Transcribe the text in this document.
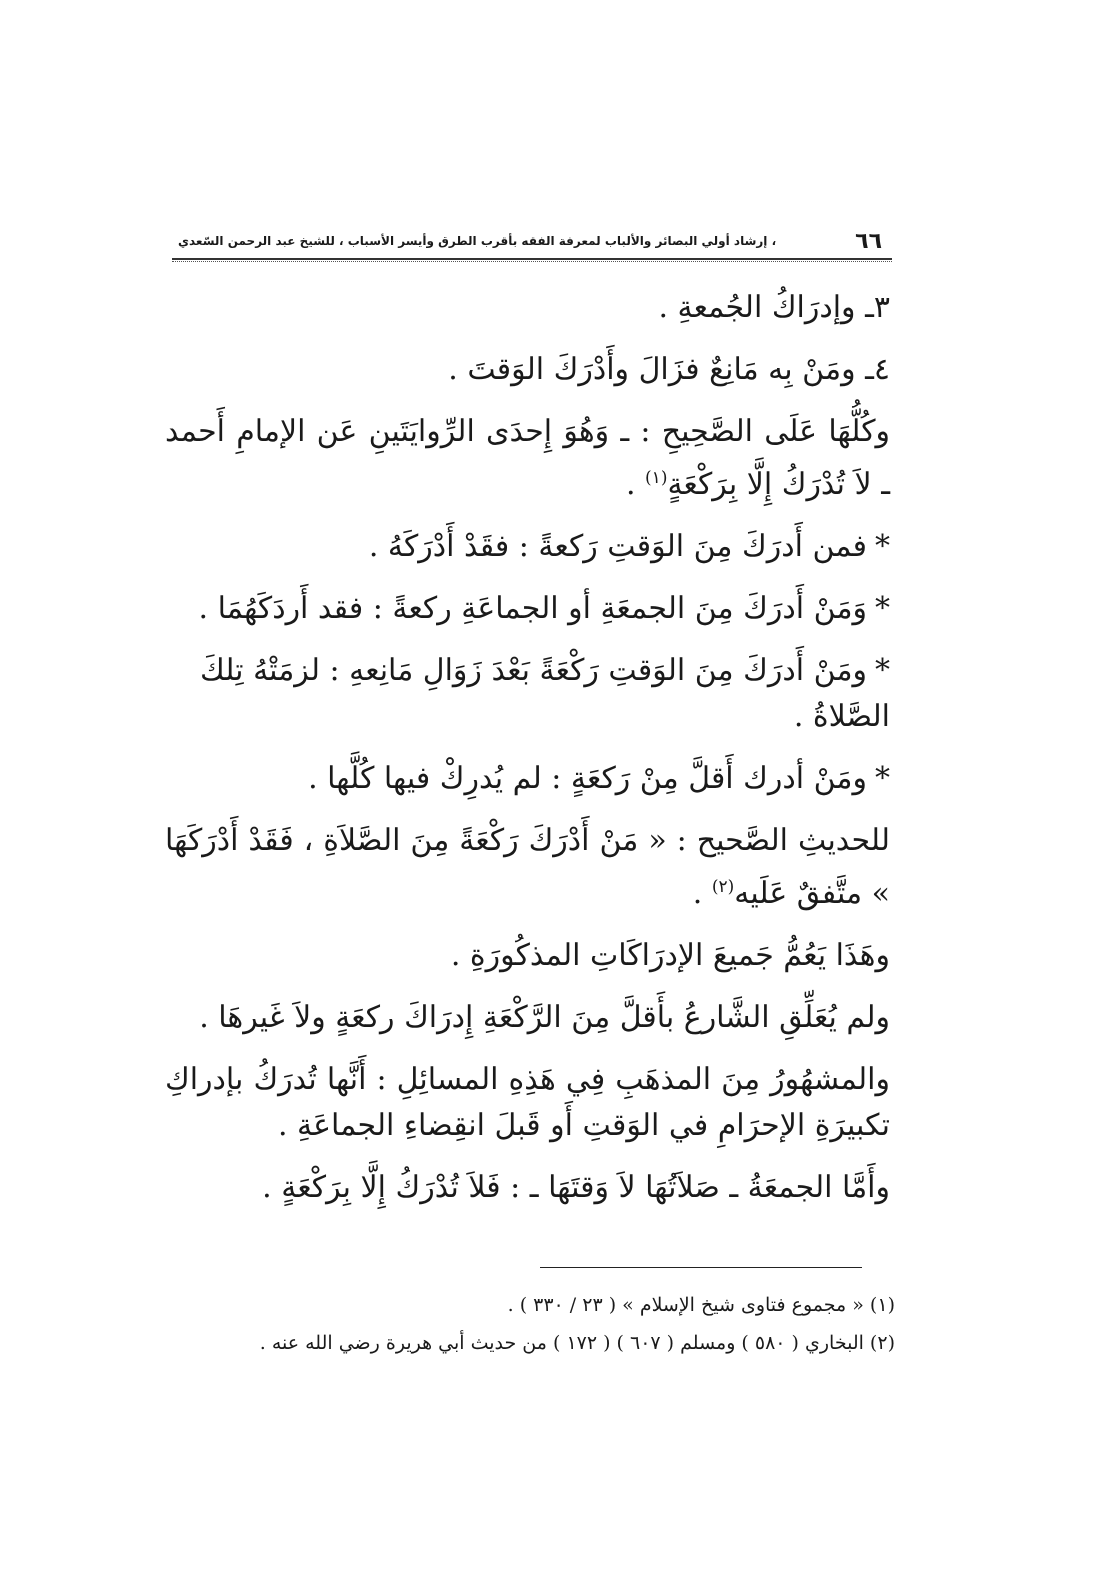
٦٦
، إرشاد أولي البصائر والألباب لمعرفة الفقه بأقرب الطرق وأيسر الأسباب ، للشيخ عبد الرحمن السّعدي

٣ـ وإدرَاكُ الجُمعةِ .

٤ـ ومَنْ بِه مَانِعٌ فزَالَ وأَدْرَكَ الوَقتَ .

وكُلُّهَا عَلَى الصَّحِيحِ : ـ وَهُوَ إِحدَى الرِّوايَتَينِ عَن الإمامِ أَحمد ـ لاَ تُدْرَكُ إِلَّا بِرَكْعَةٍ$^{(١)}$ .

*فمن أَدرَكَ مِنَ الوَقتِ رَكعةً : فقَدْ أَدْرَكَهُ .

*وَمَنْ أَدرَكَ مِنَ الجمعَةِ أو الجماعَةِ ركعةً : فقد أَردَكَهُمَا .

*ومَنْ أَدرَكَ مِنَ الوَقتِ رَكْعَةً بَعْدَ زَوَالِ مَانِعهِ : لزمَتْهُ تِلكَ الصَّلاةُ .

*ومَنْ أدرك أَقلَّ مِنْ رَكعَةٍ : لم يُدرِكْ فيها كُلَّها .

للحديثِ الصَّحيح : « مَنْ أَدْرَكَ رَكْعَةً مِنَ الصَّلاَةِ ، فَقَدْ أَدْرَكَهَا » متَّفقٌ عَلَيه$^{(٢)}$ .

وهَذَا يَعُمُّ جَميعَ الإدرَاكَاتِ المذكُورَةِ .

ولم يُعَلِّقِ الشَّارعُ بأَقلَّ مِنَ الرَّكْعَةِ إِدرَاكَ ركعَةٍ ولاَ غَيرهَا .

والمشهُورُ مِنَ المذهَبِ فِي هَذِهِ المسائِلِ : أَنَّها تُدرَكُ بإدراكِ تكبيرَةِ الإحرَامِ في الوَقتِ أَو قَبلَ انقِضاءِ الجماعَةِ .

وأَمَّا الجمعَةُ ـ صَلاَتُهَا لاَ وَقتَهَا ـ : فَلاَ تُدْرَكُ إِلَّا بِرَكْعَةٍ .

(١) « مجموع فتاوى شيخ الإسلام » ( ٢٣ / ٣٣٠ ) .

(٢) البخاري ( ٥٨٠ ) ومسلم ( ٦٠٧ ) ( ١٧٢ ) من حديث أبي هريرة رضي الله عنه .
